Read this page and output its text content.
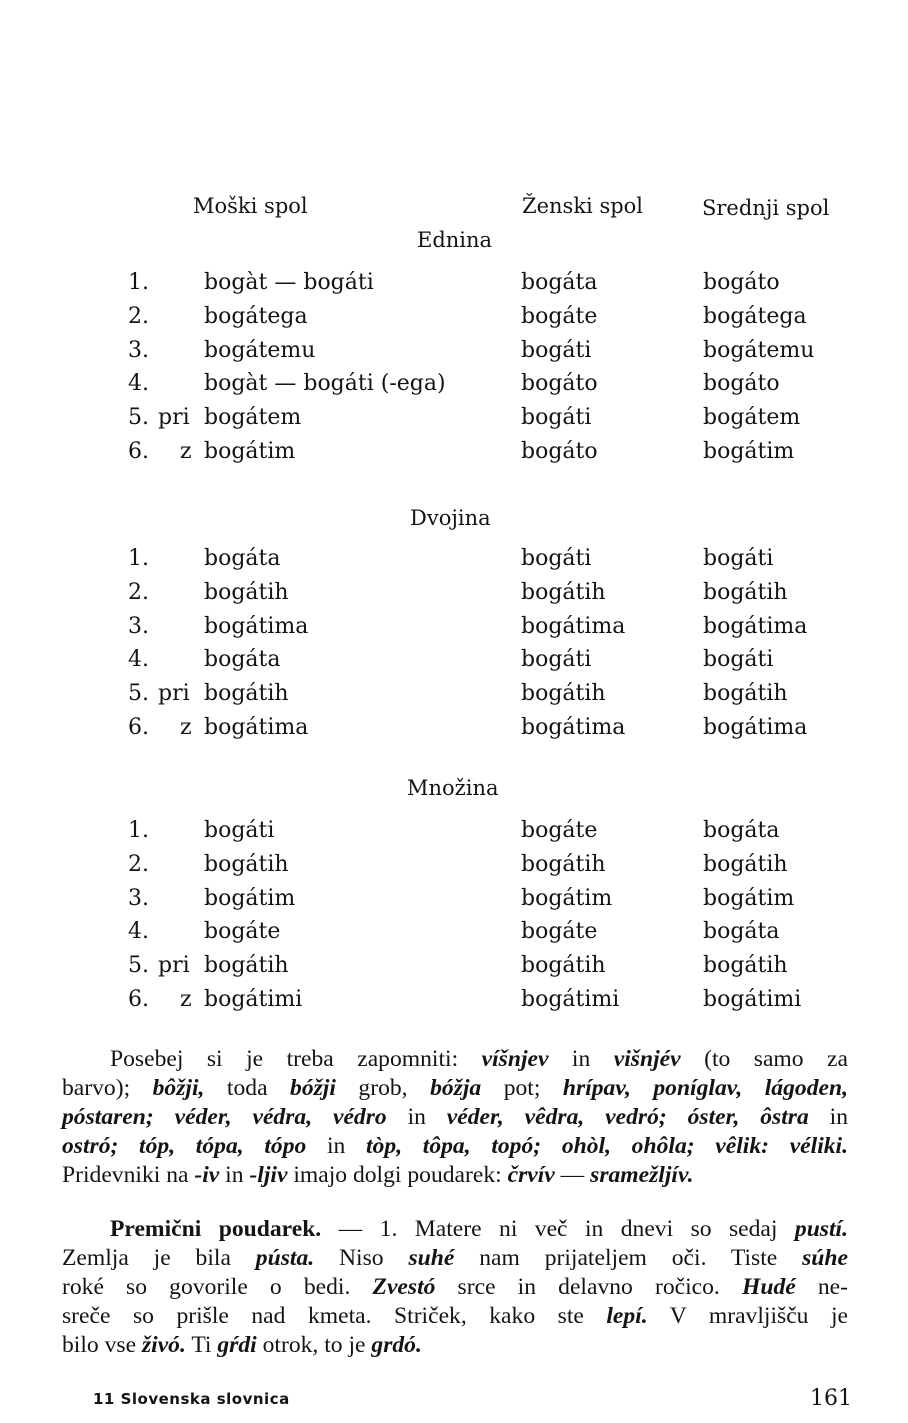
Moški spol	Ženski spol	Srednji spol
Ednina
1.	bogàt — bogáti	bogáta	bogáto
2.	bogátega	bogáte	bogátega
3.	bogátemu	bogáti	bogátemu
4.	bogàt — bogáti (-ega)	bogáto	bogáto
5. pri bogátem	bogáti	bogátem
6. z bogátim	bogáto	bogátim
Dvojina
1.	bogáta	bogáti	bogáti
2.	bogátih	bogátih	bogátih
3.	bogátima	bogátima	bogátima
4.	bogáta	bogáti	bogáti
5. pri bogátih	bogátih	bogátih
6. z bogátima	bogátima	bogátima
Množina
1.	bogáti	bogáte	bogáta
2.	bogátih	bogátih	bogátih
3.	bogátim	bogátim	bogátim
4.	bogáte	bogáte	bogáta
5. pri bogátih	bogátih	bogátih
6. z bogátimi	bogátimi	bogátimi
Posebej si je treba zapomniti: víšnjev in višnjév (to samo za
barvo); bôžji, toda bóžji grob, bóžja pot; hrípav, poníglav, lágoden,
póstaren; véder, védra, védro in véder, vêdra, vedró; óster, ôstra in
ostró; tóp, tópa, tópo in tòp, tôpa, topó; ohòl, ohôla; vêlik: véliki.
Pridevniki na -iv in -ljiv imajo dolgi poudarek: črvív — sramežljív.
Premični poudarek. — 1. Matere ni več in dnevi so sedaj pustí.
Zemlja je bila pústa. Niso suhé nam prijateljem oči. Tiste súhe
roké so govorile o bedi. Zvestó srce in delavno ročico. Hudé ne-
sreče so prišle nad kmeta. Striček, kako ste lepí. V mravljišču je
bilo vse živó. Ti gŕdi otrok, to je grdó.
11 Slovenska slovnica	161
